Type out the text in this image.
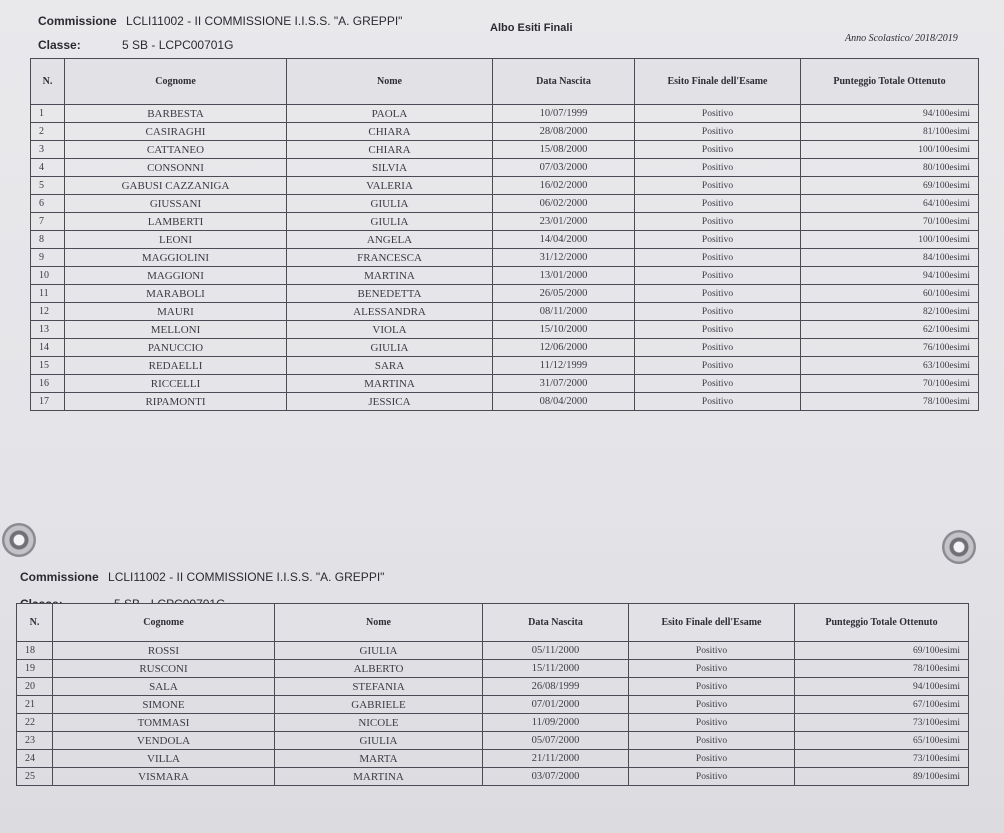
Commissione LCLI11002 - II COMMISSIONE I.I.S.S. "A. GREPPI"	Albo Esiti Finali
Anno Scolastico/ 2018/2019
Classe:	5 SB - LCPC00701G
N.	Cognome	Nome	Data Nascita	Esito Finale dell'Esame	Punteggio Totale Ottenuto
1	BARBESTA	PAOLA	10/07/1999	Positivo	94/100esimi
2	CASIRAGHI	CHIARA	28/08/2000	Positivo	81/100esimi
3	CATTANEO	CHIARA	15/08/2000	Positivo	100/100esimi
4	CONSONNI	SILVIA	07/03/2000	Positivo	80/100esimi
5	GABUSI CAZZANIGA	VALERIA	16/02/2000	Positivo	69/100esimi
6	GIUSSANI	GIULIA	06/02/2000	Positivo	64/100esimi
7	LAMBERTI	GIULIA	23/01/2000	Positivo	70/100esimi
8	LEONI	ANGELA	14/04/2000	Positivo	100/100esimi
9	MAGGIOLINI	FRANCESCA	31/12/2000	Positivo	84/100esimi
10	MAGGIONI	MARTINA	13/01/2000	Positivo	94/100esimi
11	MARABOLI	BENEDETTA	26/05/2000	Positivo	60/100esimi
12	MAURI	ALESSANDRA	08/11/2000	Positivo	82/100esimi
13	MELLONI	VIOLA	15/10/2000	Positivo	62/100esimi
14	PANUCCIO	GIULIA	12/06/2000	Positivo	76/100esimi
15	REDAELLI	SARA	11/12/1999	Positivo	63/100esimi
16	RICCELLI	MARTINA	31/07/2000	Positivo	70/100esimi
17	RIPAMONTI	JESSICA	08/04/2000	Positivo	78/100esimi
Commissione LCLI11002 - II COMMISSIONE I.I.S.S. "A. GREPPI"
N.	Cognome	Nome	Data Nascita	Esito Finale dell'Esame	Punteggio Totale Ottenuto
18	ROSSI	GIULIA	05/11/2000	Positivo	69/100esimi
19	RUSCONI	ALBERTO	15/11/2000	Positivo	78/100esimi
20	SALA	STEFANIA	26/08/1999	Positivo	94/100esimi
21	SIMONE	GABRIELE	07/01/2000	Positivo	67/100esimi
22	TOMMASI	NICOLE	11/09/2000	Positivo	73/100esimi
23	VENDOLA	GIULIA	05/07/2000	Positivo	65/100esimi
24	VILLA	MARTA	21/11/2000	Positivo	73/100esimi
25	VISMARA	MARTINA	03/07/2000	Positivo	89/100esimi
